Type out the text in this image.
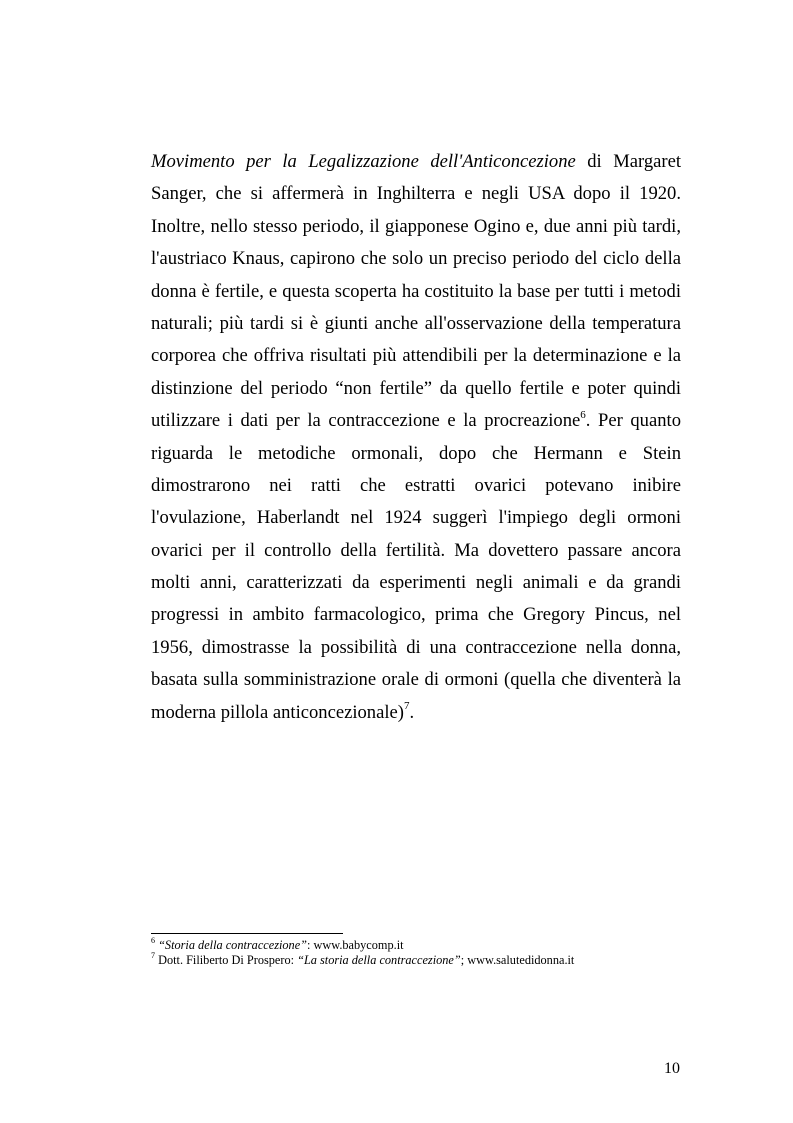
Movimento per la Legalizzazione dell'Anticoncezione di Margaret
Sanger, che si affermerà in Inghilterra e negli USA dopo il 1920.
Inoltre, nello stesso periodo, il giapponese Ogino e, due anni più tardi,
l'austriaco Knaus, capirono che solo un preciso periodo del ciclo della
donna è fertile, e questa scoperta ha costituito la base per tutti i metodi
naturali; più tardi si è giunti anche all'osservazione della temperatura
corporea che offriva risultati più attendibili per la determinazione e la
distinzione del periodo “non fertile” da quello fertile e poter quindi
utilizzare i dati per la contraccezione e la procreazione$^6$. Per quanto
riguarda le metodiche ormonali, dopo che Hermann e Stein
dimostrarono nei ratti che estratti ovarici potevano inibire
l'ovulazione, Haberlandt nel 1924 suggerì l'impiego degli ormoni
ovarici per il controllo della fertilità. Ma dovettero passare ancora
molti anni, caratterizzati da esperimenti negli animali e da grandi
progressi in ambito farmacologico, prima che Gregory Pincus, nel
1956, dimostrasse la possibilità di una contraccezione nella donna,
basata sulla somministrazione orale di ormoni (quella che diventerà la
moderna pillola anticoncezionale)$^7$.
$^6$ “Storia della contraccezione”: www.babycomp.it
$^7$ Dott. Filiberto Di Prospero: “La storia della contraccezione”; www.salutedidonna.it
10
